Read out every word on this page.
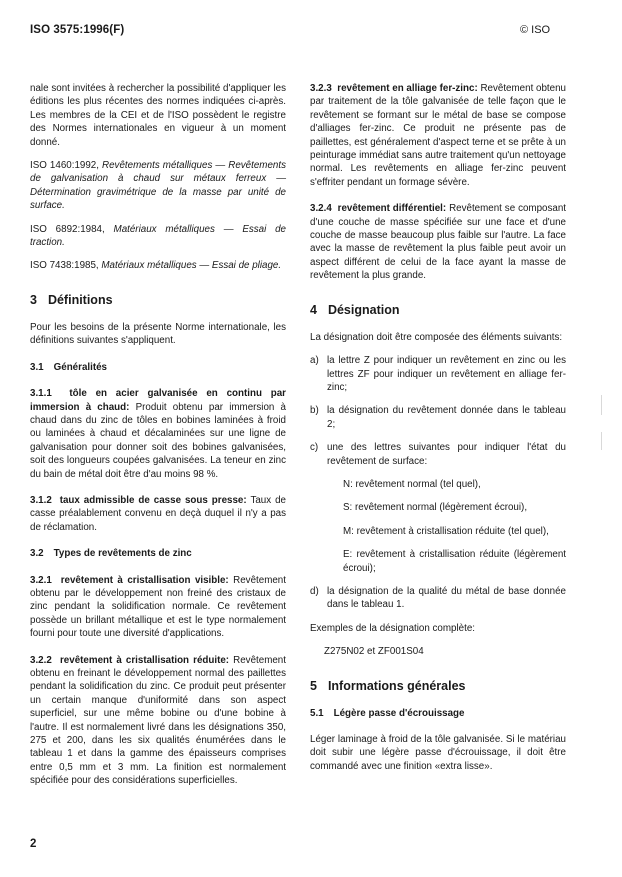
ISO 3575:1996(F)	© ISO

nale sont invitées à rechercher la possibilité d'appliquer les éditions les plus récentes des normes indiquées ci-après. Les membres de la CEI et de l'ISO possèdent le registre des Normes internationales en vigueur à un moment donné.

ISO 1460:1992, Revêtements métalliques — Revêtements de galvanisation à chaud sur métaux ferreux — Détermination gravimétrique de la masse par unité de surface.

ISO 6892:1984, Matériaux métalliques — Essai de traction.

ISO 7438:1985, Matériaux métalliques — Essai de pliage.

3 Définitions

Pour les besoins de la présente Norme internationale, les définitions suivantes s'appliquent.

3.1 Généralités

3.1.1 tôle en acier galvanisée en continu par immersion à chaud: Produit obtenu par immersion à chaud dans du zinc de tôles en bobines laminées à froid ou laminées à chaud et décalaminées sur une ligne de galvanisation pour donner soit des bobines galvanisées, soit des longueurs coupées galvanisées. La teneur en zinc du bain de métal doit être d'au moins 98 %.

3.1.2 taux admissible de casse sous presse: Taux de casse préalablement convenu en deçà duquel il n'y a pas de réclamation.

3.2 Types de revêtements de zinc

3.2.1 revêtement à cristallisation visible: Revêtement obtenu par le développement non freiné des cristaux de zinc pendant la solidification normale. Ce revêtement possède un brillant métallique et est le type normalement fourni pour toute une diversité d'applications.

3.2.2 revêtement à cristallisation réduite: Revêtement obtenu en freinant le développement normal des paillettes pendant la solidification du zinc. Ce produit peut présenter un certain manque d'uniformité dans son aspect superficiel, sur une même bobine ou d'une bobine à l'autre. Il est normalement livré dans les désignations 350, 275 et 200, dans les six qualités énumérées dans le tableau 1 et dans la gamme des épaisseurs comprises entre 0,5 mm et 3 mm. La finition est normalement spécifiée pour des considérations superficielles.

3.2.3 revêtement en alliage fer-zinc: Revêtement obtenu par traitement de la tôle galvanisée de telle façon que le revêtement se formant sur le métal de base se compose d'alliages fer-zinc. Ce produit ne présente pas de paillettes, est généralement d'aspect terne et se prête à un peinturage immédiat sans autre traitement qu'un nettoyage normal. Les revêtements en alliage fer-zinc peuvent s'effriter pendant un formage sévère.

3.2.4 revêtement différentiel: Revêtement se composant d'une couche de masse spécifiée sur une face et d'une couche de masse beaucoup plus faible sur l'autre. La face avec la masse de revêtement la plus faible peut avoir un aspect différent de celui de la face ayant la masse de revêtement la plus grande.

4 Désignation

La désignation doit être composée des éléments suivants:

a) la lettre Z pour indiquer un revêtement en zinc ou les lettres ZF pour indiquer un revêtement en alliage fer-zinc;
b) la désignation du revêtement donnée dans le tableau 2;
c) une des lettres suivantes pour indiquer l'état du revêtement de surface:

N: revêtement normal (tel quel),

S: revêtement normal (légèrement écroui),

M: revêtement à cristallisation réduite (tel quel),

E: revêtement à cristallisation réduite (légèrement écroui);

d) la désignation de la qualité du métal de base donnée dans le tableau 1.

Exemples de la désignation complète:

Z275N02 et ZF001S04

5 Informations générales
5.1 Légère passe d'écrouissage

Léger laminage à froid de la tôle galvanisée. Si le matériau doit subir une légère passe d'écrouissage, il doit être commandé avec une finition «extra lisse».

2
